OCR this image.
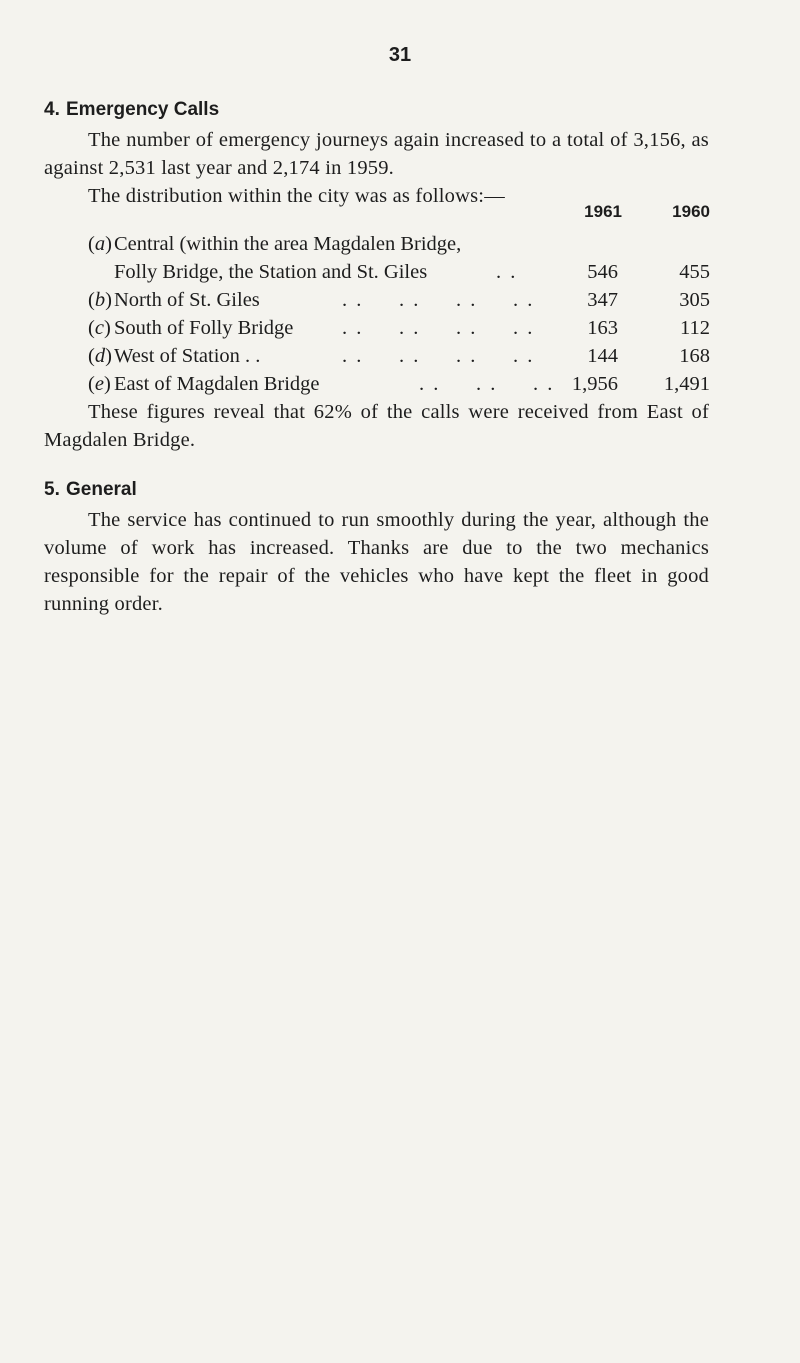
31
4. Emergency Calls

The number of emergency journeys again increased to a total of 3,156, as against 2,531 last year and 2,174 in 1959.

The distribution within the city was as follows:—

1961	1960
(a) Central (within the area Magdalen Bridge,
Folly Bridge, the Station and St. Giles	. .	546	455
(b) North of St. Giles	. .     . .     . .     . .	347	305
(c) South of Folly Bridge . .     . .     . .     . .	163	112
(d) West of Station . .	. .     . .     . .     . .	144	168
(e) East of Magdalen Bridge	. .     . .     . . 1,956 1,491

These figures reveal that 62% of the calls were received from East of Magdalen Bridge.

5. General

The service has continued to run smoothly during the year, although the volume of work has increased. Thanks are due to the two mechanics responsible for the repair of the vehicles who have kept the fleet in good running order.
